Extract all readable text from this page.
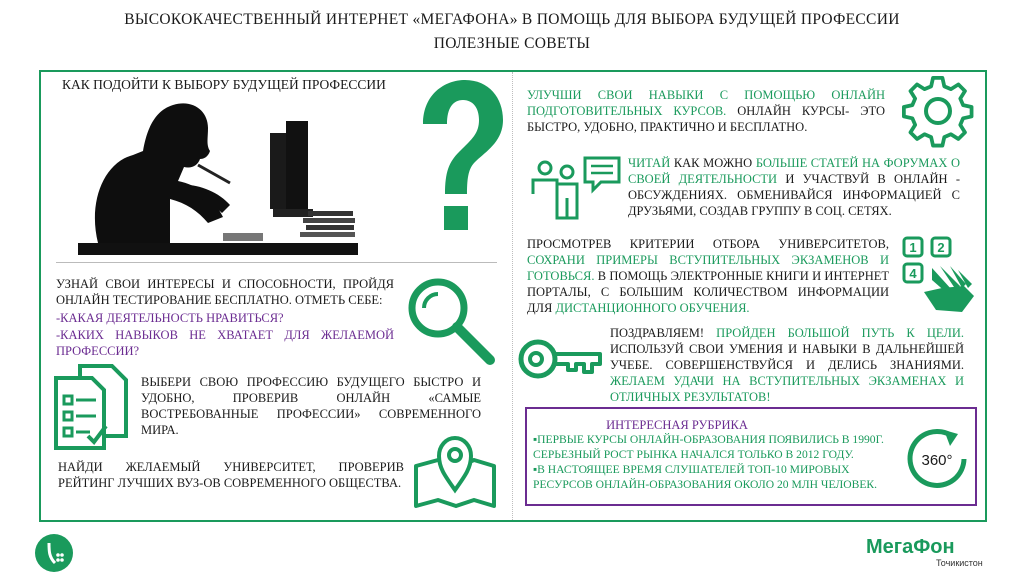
ВЫСОКОКАЧЕСТВЕННЫЙ ИНТЕРНЕТ «МЕГАФОНА» В ПОМОЩЬ ДЛЯ ВЫБОРА БУДУЩЕЙ ПРОФЕССИИ
ПОЛЕЗНЫЕ СОВЕТЫ
КАК ПОДОЙТИ К ВЫБОРУ БУДУЩЕЙ ПРОФЕССИИ
УЗНАЙ СВОИ ИНТЕРЕСЫ И СПОСОБНОСТИ, ПРОЙДЯ ОНЛАЙН ТЕСТИРОВАНИЕ БЕСПЛАТНО. ОТМЕТЬ СЕБЕ:
-КАКАЯ ДЕЯТЕЛЬНОСТЬ НРАВИТЬСЯ?
-КАКИХ НАВЫКОВ НЕ ХВАТАЕТ ДЛЯ ЖЕЛАЕМОЙ ПРОФЕССИИ?
ВЫБЕРИ СВОЮ ПРОФЕССИЮ БУДУЩЕГО БЫСТРО И УДОБНО, ПРОВЕРИВ ОНЛАЙН «САМЫЕ ВОСТРЕБОВАННЫЕ ПРОФЕССИИ» СОВРЕМЕННОГО МИРА.
НАЙДИ ЖЕЛАЕМЫЙ УНИВЕРСИТЕТ, ПРОВЕРИВ РЕЙТИНГ ЛУЧШИХ ВУЗ-ОВ СОВРЕМЕННОГО ОБЩЕСТВА.
УЛУЧШИ СВОИ НАВЫКИ С ПОМОЩЬЮ ОНЛАЙН ПОДГОТОВИТЕЛЬНЫХ КУРСОВ. ОНЛАЙН КУРСЫ- ЭТО БЫСТРО, УДОБНО, ПРАКТИЧНО И БЕСПЛАТНО.
ЧИТАЙ КАК МОЖНО БОЛЬШЕ СТАТЕЙ НА ФОРУМАХ О СВОЕЙ ДЕЯТЕЛЬНОСТИ И УЧАСТВУЙ В ОНЛАЙН - ОБСУЖДЕНИЯХ. ОБМЕНИВАЙСЯ ИНФОРМАЦИЕЙ С ДРУЗЬЯМИ, СОЗДАВ ГРУППУ В СОЦ. СЕТЯХ.
ПРОСМОТРЕВ КРИТЕРИИ ОТБОРА УНИВЕРСИТЕТОВ, СОХРАНИ ПРИМЕРЫ ВСТУПИТЕЛЬНЫХ ЭКЗАМЕНОВ И ГОТОВЬСЯ. В ПОМОЩЬ ЭЛЕКТРОННЫЕ КНИГИ И ИНТЕРНЕТ ПОРТАЛЫ, С БОЛЬШИМ КОЛИЧЕСТВОМ ИНФОРМАЦИИ ДЛЯ ДИСТАНЦИОННОГО ОБУЧЕНИЯ.
1 2
4
ПОЗДРАВЛЯЕМ! ПРОЙДЕН БОЛЬШОЙ ПУТЬ К ЦЕЛИ. ИСПОЛЬЗУЙ СВОИ УМЕНИЯ И НАВЫКИ В ДАЛЬНЕЙШЕЙ УЧЕБЕ. СОВЕРШЕНСТВУЙСЯ И ДЕЛИСЬ ЗНАНИЯМИ. ЖЕЛАЕМ УДАЧИ НА ВСТУПИТЕЛЬНЫХ ЭКЗАМЕНАХ И ОТЛИЧНЫХ РЕЗУЛЬТАТОВ!
ИНТЕРЕСНАЯ РУБРИКА
▪ПЕРВЫЕ КУРСЫ ОНЛАЙН-ОБРАЗОВАНИЯ ПОЯВИЛИСЬ В 1990Г. СЕРЬЕЗНЫЙ РОСТ РЫНКА НАЧАЛСЯ ТОЛЬКО В 2012 ГОДУ.
▪В НАСТОЯЩЕЕ ВРЕМЯ СЛУШАТЕЛЕЙ ТОП-10 МИРОВЫХ РЕСУРСОВ ОНЛАЙН-ОБРАЗОВАНИЯ ОКОЛО 20 МЛН ЧЕЛОВЕК.
360°
МегаФон
Точикистон
